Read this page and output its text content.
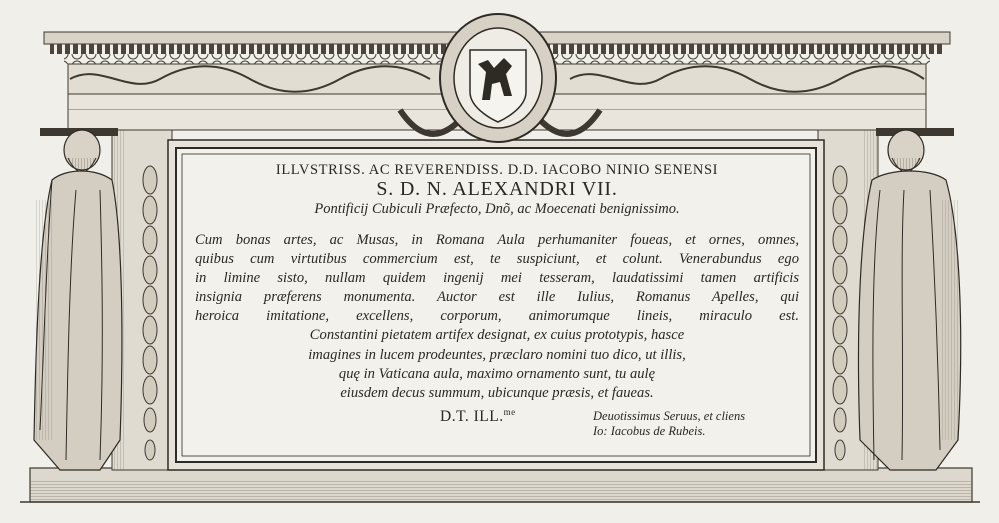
ILLVSTRISS. AC REVERENDISS. D.D. IACOBO NINIO SENENSI
S. D. N. ALEXANDRI VII.
Pontificij Cubiculi Præfecto, Dnõ, ac Moecenati benignissimo.
Cum bonas artes, ac Musas, in Romana Aula perhumaniter foueas, et ornes, omnes,
quibus cum virtutibus commercium est, te suspiciunt, et colunt. Venerabundus ego
in limine sisto, nullam quidem ingenij mei tesseram, laudatissimi tamen artificis
insignia præferens monumenta. Auctor est ille Iulius, Romanus Apelles, qui
heroica imitatione, excellens, corporum, animorumque lineis, miraculo est.
Constantini pietatem artifex designat, ex cuius prototypis, hasce
imagines in lucem prodeuntes, præclaro nomini tuo dico, ut illis,
quę in Vaticana aula, maximo ornamento sunt, tu aulę
eiusdem decus summum, ubicunque præsis, et faueas.
D.T. ILL.$^{me}$	Deuotissimus Seruus, et cliens
Io: Iacobus de Rubeis.
